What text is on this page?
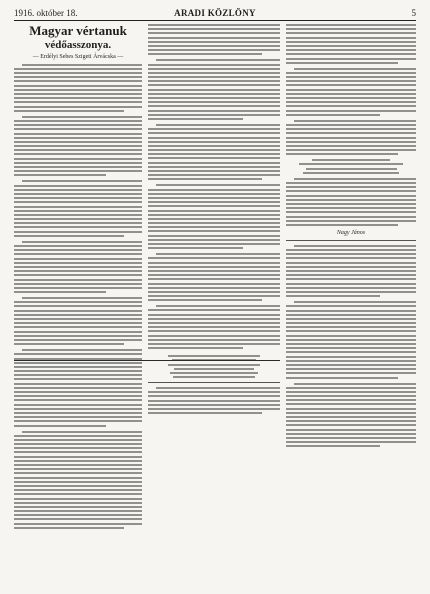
1916. október 18.	ARADI KÖZLÖNY	5
Magyar vértanuk
védőasszonya.
— Erdélyi Sebes Szigeti Árvácska —
Nagy János
